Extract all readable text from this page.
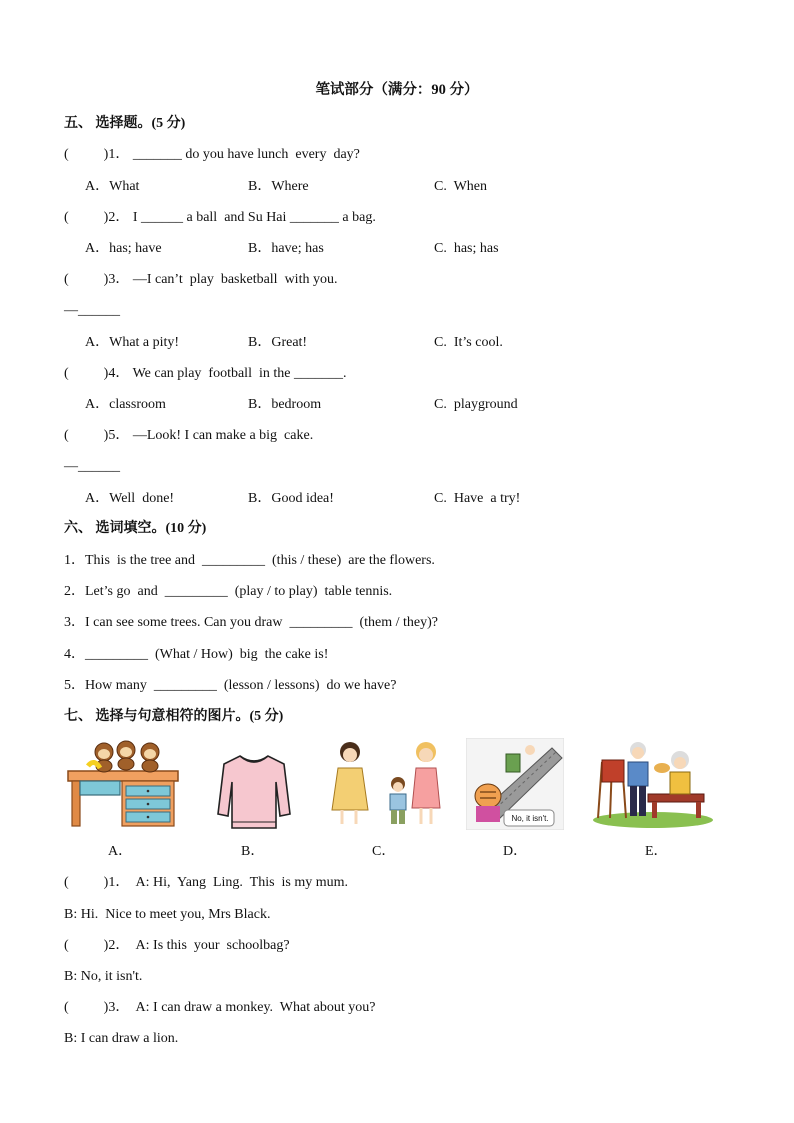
笔试部分（满分：90 分）
五、 选择题。(5 分)
(          )1． _______ do you have lunch  every  day?
A．What	B．Where	C.  When
(          )2． I ______ a ball  and Su Hai _______ a bag.
A．has; have	B．have; has	C.  has; has
(          )3． —I can’t  play  basketball  with you.
—______
A．What a pity!	B．Great!	C.  It’s cool.
(          )4． We can play  football  in the _______.
A．classroom	B．bedroom	C.  playground
(          )5． —Look! I can make a big  cake.
—______
A．Well  done!	B．Good idea!	C.  Have  a try!
六、 选词填空。(10 分)
1．This  is the tree and  _________  (this / these)  are the flowers.
2．Let’s go  and  _________  (play / to play)  table tennis.
3．I can see some trees. Can you draw  _________  (them / they)?
4．_________  (What / How)  big  the cake is!
5．How many  _________  (lesson / lessons)  do we have?
七、 选择与句意相符的图片。(5 分)
No, it isn't.
A．	B．	C．	D．	E．
(          )1．  A: Hi,  Yang  Ling.  This  is my mum.
B: Hi.  Nice to meet you, Mrs Black.
(          )2．  A: Is this  your  schoolbag?
B: No, it isn't.
(          )3．  A: I can draw a monkey.  What about you?
B: I can draw a lion.
